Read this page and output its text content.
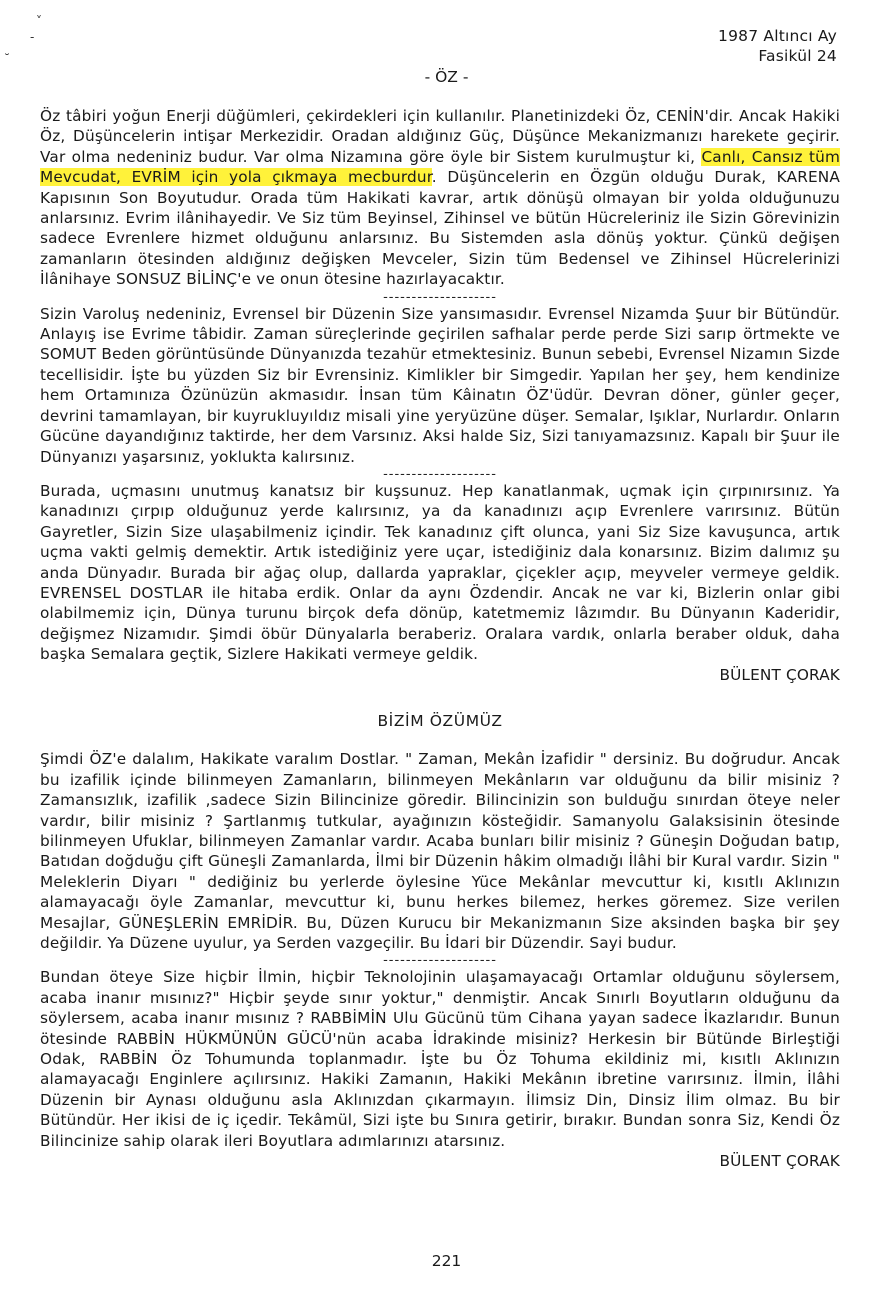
˅
-
˘
1987 Altıncı Ay
Fasikül 24
- ÖZ -

Öz tâbiri yoğun Enerji düğümleri, çekirdekleri için kullanılır. Planetinizdeki Öz, CENİN'dir. Ancak Hakiki Öz, Düşüncelerin intişar Merkezidir. Oradan aldığınız Güç, Düşünce Mekanizmanızı harekete geçirir. Var olma nedeniniz budur. Var olma Nizamına göre öyle bir Sistem kurulmuştur ki, Canlı, Cansız tüm Mevcudat, EVRİM için yola çıkmaya mecburdur. Düşüncelerin en Özgün olduğu Durak, KARENA Kapısının Son Boyutudur. Orada tüm Hakikati kavrar, artık dönüşü olmayan bir yolda olduğunuzu anlarsınız. Evrim ilânihayedir. Ve Siz tüm Beyinsel, Zihinsel ve bütün Hücreleriniz ile Sizin Görevinizin sadece Evrenlere hizmet olduğunu anlarsınız. Bu Sistemden asla dönüş yoktur. Çünkü değişen zamanların ötesinden aldığınız değişken Mevceler, Sizin tüm Bedensel ve Zihinsel Hücrelerinizi İlânihaye SONSUZ BİLİNÇ'e ve onun ötesine hazırlayacaktır.

--------------------

Sizin Varoluş nedeniniz, Evrensel bir Düzenin Size yansımasıdır. Evrensel Nizamda Şuur bir Bütündür. Anlayış ise Evrime tâbidir. Zaman süreçlerinde geçirilen safhalar perde perde Sizi sarıp örtmekte ve SOMUT Beden görüntüsünde Dünyanızda tezahür etmektesiniz. Bunun sebebi, Evrensel Nizamın Sizde tecellisidir. İşte bu yüzden Siz bir Evrensiniz. Kimlikler bir Simgedir. Yapılan her şey, hem kendinize hem Ortamınıza Özünüzün akmasıdır. İnsan tüm Kâinatın ÖZ'üdür. Devran döner, günler geçer, devrini tamamlayan, bir kuyrukluyıldız misali yine yeryüzüne düşer. Semalar, Işıklar, Nurlardır. Onların Gücüne dayandığınız taktirde, her dem Varsınız. Aksi halde Siz, Sizi tanıyamazsınız. Kapalı bir Şuur ile Dünyanızı yaşarsınız, yoklukta kalırsınız.

--------------------

Burada, uçmasını unutmuş kanatsız bir kuşsunuz. Hep kanatlanmak, uçmak için çırpınırsınız. Ya kanadınızı çırpıp olduğunuz yerde kalırsınız, ya da kanadınızı açıp Evrenlere varırsınız. Bütün Gayretler, Sizin Size ulaşabilmeniz içindir. Tek kanadınız çift olunca, yani Siz Size kavuşunca, artık uçma vakti gelmiş demektir. Artık istediğiniz yere uçar, istediğiniz dala konarsınız. Bizim dalımız şu anda Dünyadır. Burada bir ağaç olup, dallarda yapraklar, çiçekler açıp, meyveler vermeye geldik. EVRENSEL DOSTLAR ile hitaba erdik. Onlar da aynı Özdendir. Ancak ne var ki, Bizlerin onlar gibi olabilmemiz için, Dünya turunu birçok defa dönüp, katetmemiz lâzımdır. Bu Dünyanın Kaderidir, değişmez Nizamıdır. Şimdi öbür Dünyalarla beraberiz. Oralara vardık, onlarla beraber olduk, daha başka Semalara geçtik, Sizlere Hakikati vermeye geldik.

BÜLENT ÇORAK

BİZİM ÖZÜMÜZ

Şimdi ÖZ'e dalalım, Hakikate varalım Dostlar. " Zaman, Mekân İzafidir " dersiniz. Bu doğrudur. Ancak bu izafilik içinde bilinmeyen Zamanların, bilinmeyen Mekânların var olduğunu da bilir misiniz ?Zamansızlık, izafilik ,sadece Sizin Bilincinize göredir. Bilincinizin son bulduğu sınırdan öteye neler vardır, bilir misiniz ? Şartlanmış tutkular, ayağınızın kösteğidir. Samanyolu Galaksisinin ötesinde bilinmeyen Ufuklar, bilinmeyen Zamanlar vardır. Acaba bunları bilir misiniz ? Güneşin Doğudan batıp, Batıdan doğduğu çift Güneşli Zamanlarda, İlmi bir Düzenin hâkim olmadığı İlâhi bir Kural vardır. Sizin " Meleklerin Diyarı " dediğiniz bu yerlerde öylesine Yüce Mekânlar mevcuttur ki, kısıtlı Aklınızın alamayacağı öyle Zamanlar, mevcuttur ki, bunu herkes bilemez, herkes göremez. Size verilen Mesajlar, GÜNEŞLERİN EMRİDİR. Bu, Düzen Kurucu bir Mekanizmanın Size aksinden başka bir şey değildir. Ya Düzene uyulur, ya Serden vazgeçilir. Bu İdari bir Düzendir. Sayi budur.

--------------------

Bundan öteye Size hiçbir İlmin, hiçbir Teknolojinin ulaşamayacağı Ortamlar olduğunu söylersem, acaba inanır mısınız?" Hiçbir şeyde sınır yoktur," denmiştir. Ancak Sınırlı Boyutların olduğunu da söylersem, acaba inanır mısınız ? RABBİMİN Ulu Gücünü tüm Cihana yayan sadece İkazlarıdır. Bunun ötesinde RABBİN HÜKMÜNÜN GÜCÜ'nün acaba İdrakinde misiniz? Herkesin bir Bütünde Birleştiği Odak, RABBİN Öz Tohumunda toplanmadır. İşte bu Öz Tohuma ekildiniz mi, kısıtlı Aklınızın alamayacağı Enginlere açılırsınız. Hakiki Zamanın, Hakiki Mekânın ibretine varırsınız. İlmin, İlâhi Düzenin bir Aynası olduğunu asla Aklınızdan çıkarmayın. İlimsiz Din, Dinsiz İlim olmaz. Bu bir Bütündür. Her ikisi de iç içedir. Tekâmül, Sizi işte bu Sınıra getirir, bırakır. Bundan sonra Siz, Kendi Öz Bilincinize sahip olarak ileri Boyutlara adımlarınızı atarsınız.

BÜLENT ÇORAK

221
